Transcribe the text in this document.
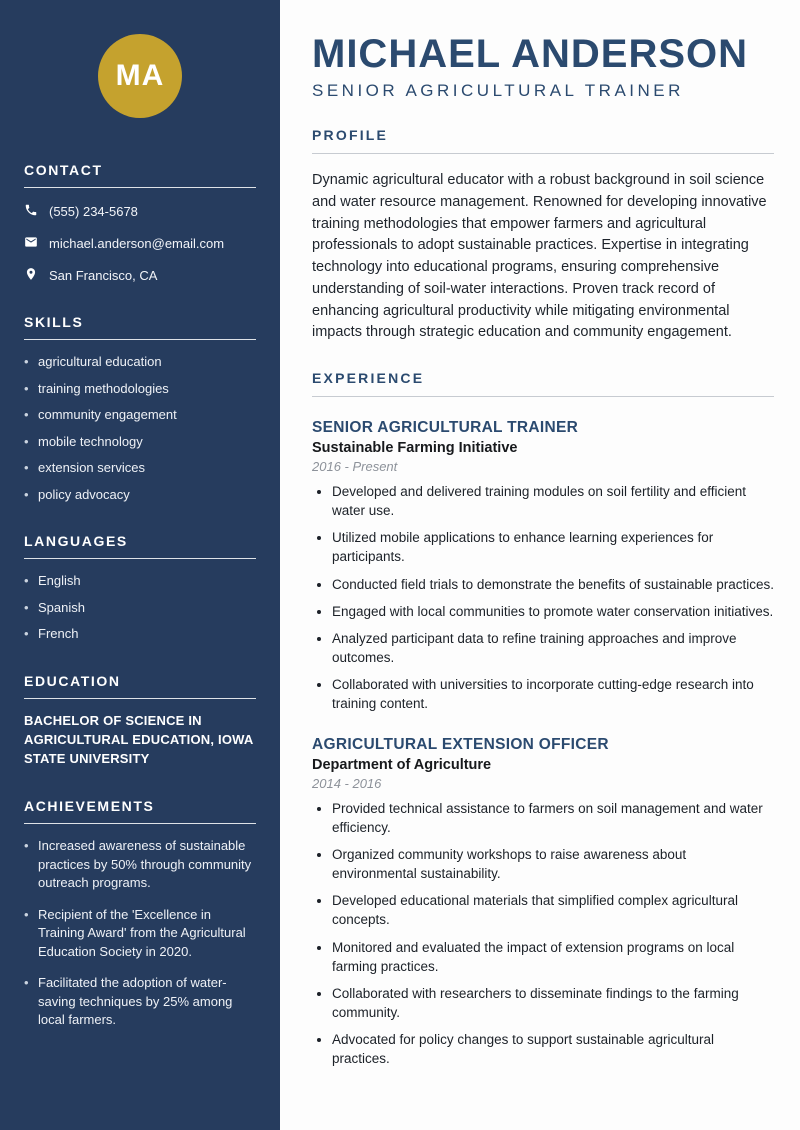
MA
CONTACT
(555) 234-5678
michael.anderson@email.com
San Francisco, CA
SKILLS
• agricultural education
• training methodologies
• community engagement
• mobile technology
• extension services
• policy advocacy
LANGUAGES
• English
• Spanish
• French
EDUCATION
BACHELOR OF SCIENCE IN AGRICULTURAL EDUCATION, IOWA STATE UNIVERSITY
ACHIEVEMENTS
• Increased awareness of sustainable practices by 50% through community outreach programs.
• Recipient of the 'Excellence in Training Award' from the Agricultural Education Society in 2020.
• Facilitated the adoption of water-saving techniques by 25% among local farmers.
MICHAEL ANDERSON
SENIOR AGRICULTURAL TRAINER
PROFILE

Dynamic agricultural educator with a robust background in soil science and water resource management. Renowned for developing innovative training methodologies that empower farmers and agricultural professionals to adopt sustainable practices. Expertise in integrating technology into educational programs, ensuring comprehensive understanding of soil-water interactions. Proven track record of enhancing agricultural productivity while mitigating environmental impacts through strategic education and community engagement.

EXPERIENCE
SENIOR AGRICULTURAL TRAINER
Sustainable Farming Initiative
2016 - Present
• Developed and delivered training modules on soil fertility and efficient water use.
• Utilized mobile applications to enhance learning experiences for participants.
• Conducted field trials to demonstrate the benefits of sustainable practices.
• Engaged with local communities to promote water conservation initiatives.
• Analyzed participant data to refine training approaches and improve outcomes.
• Collaborated with universities to incorporate cutting-edge research into training content.
AGRICULTURAL EXTENSION OFFICER
Department of Agriculture
2014 - 2016
• Provided technical assistance to farmers on soil management and water efficiency.
• Organized community workshops to raise awareness about environmental sustainability.
• Developed educational materials that simplified complex agricultural concepts.
• Monitored and evaluated the impact of extension programs on local farming practices.
• Collaborated with researchers to disseminate findings to the farming community.
• Advocated for policy changes to support sustainable agricultural practices.
